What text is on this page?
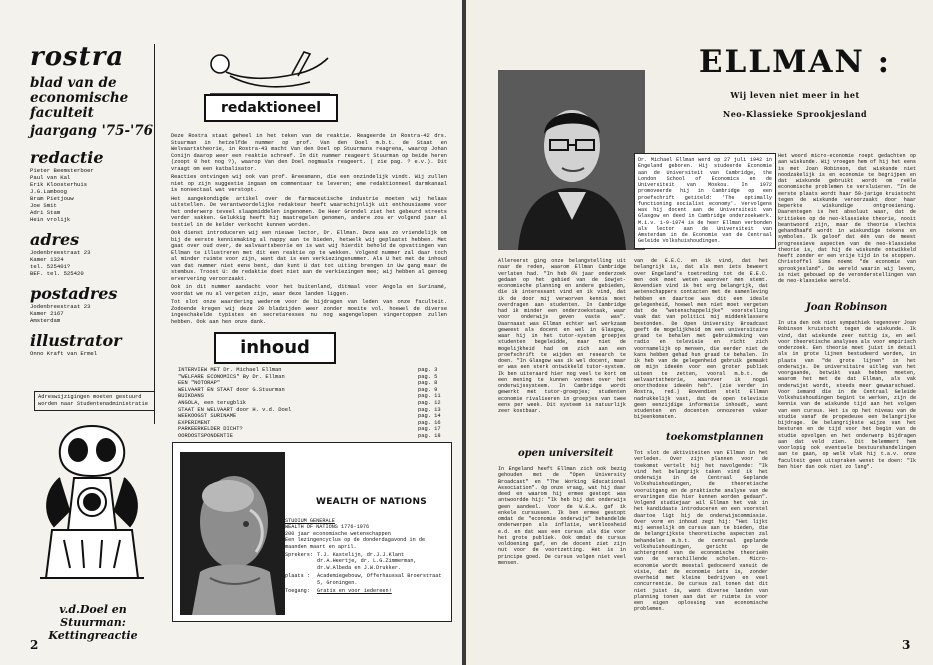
rostra

blad van de
economische
faculteit
jaargang '75-'76

redactie

Pieter Beemsterboer
Paul van Kal
Erik Kloosterhuis
J.G.Lamboog
Bram Pietjouw
Joe Smit
Adri Stam
Hein vrolijk

adres

Jodenbreestraat 23
Kamer 1324
tel. 525401?
BEF. tel. 525420

postadres

Jodenbreestraat 23
Kamer 2167
Amsterdam

illustrator

Onno Kraft van Ermel
Adreswijzigingen moeten gestuurd worden naar Studentenadministratie
v.d.Doel en Stuurman: Kettingreactie
2
redaktioneel

Deze Rostra staat geheel in het teken van de reaktie. Reageerde in Rostra-42 drs. Stuurman in hetzelfde nummer op prof. Van den Doel m.b.t. de Staat en Welvaartstheorie, in Rostra-43 macht Van den Doel op Stuurmans reagrena, waarop Johan Conijn daarop weer een reaktie schreef. In dit nummer reageert Stuurman op beide heren (zoopt 0 het nog ?), waarop Van den Doel nogmaals reageert. ( zie pag. ? e.v.). Dit vraagt om een katbalisator.

Reacties ontvingen wij ook van prof. Breesmann, die een onzindelijk vindt. Wij zullen niet op zijn suggestie ingaan om commentaar te leveren; eme redaktionneel darmkanaal is nonsectaal wat verstopt.

Het aangekondigde artikel over de farmaceutische industrie moeten wij helaas uitstellen. De verantwoordelijke redakteur heeft waarschijnlijk uit enthousiasme voor het onderwerp teveel slaapmiddelen ingenomen. De Heer Grondel ziet het gebeurd streets verder sakken. Gelukkig heeft hij maatregelen genomen, andere zou er volgend jaar al textiel in de kelder verkocht kunnen worden.

Ook dienst introduceren wij een nieuwe lector, Dr. Ellman. Deze was zo vriendelijk om bij de eerste kennismaking al nappy aan te bieden, hetwelk wij geplaatst hebben. Met gaat over oud over, de walvaartsbeorie en is wat wij hierdit behold de opvattingen van Ellman te illustreren met dit een reaktie op te wekken. Volgend nummer zal daar toch al minder ruimte voor zijn, want dat is een verkiezingsnummer. Als U het met de inhoud van dat nummer niet eens bent, dan kunt U dat tot uiting brengen in Uw gang maar de stembus. Troost U: de redaktie doet niet aan de verkiezingen mee; wij hebben al genoeg erververing veroorzaakt.

Ook in dit nummer aandacht voor het buitenland, ditmaal voor Angola en Surinamé, voordat we nu al vergeten zijn, waar deze landen liggen.

Tot slot onze waardering wederom voor de bijdragen van leden van onze faculteit. Zodoende kregen wij deze 20 bladzijden weer zonder moeite vol. hoewel de diverse ingeschakelde typistes en secretaresses nu nog wagengelopen vingertoppen zullen hebben. Ook aan hen onze dank.

inhoud
INTERVIEW MET Dr. Michael Ellman	pag. 3
"WELFARE ECONOMICS" By Dr. Ellman	pag. 5
EEN "NOTORAP"	pag. 8
WELVAART EN STAAT door G.Stuurman	pag. 9
BUIKDANS	pag. 11
ANGOLA, een terugblik	pag. 12
STAAT EN WELVAART door H. v.d. Doel	pag. 13
WEEKOOGST SURINAME	pag. 14
EXPERIMENT	pag. 16
PARKEERKELDER DICHT?	pag. 17
OORDOSTSPONDENTIE	pag. 18
WEALTH OF NATIONS
STUDIUM GENERALE
WEALTH OF NATIONS 1776-1976
200 jaar economische wetenschappen
Een lezingencyclus op de donderdagavond in de maanden maart en april.
Sprekers: T.J. Kastelijn, dr.J.J.Klant dr.A.Heertje, dr. L.G.Zimmerman, dr.W.Albeda en J.W.Drukker.
plaats :	Academiegebouw, Offerhaussal Broerstraat 5, Groningen.
Toegang:	Gratis en voor iedereen!
ELLMAN :
Wij leven niet meer in het
Neo-Klassieke Sprookjesland
Dr. Michael Ellman werd op 27 juli 1942 in Engeland geboren. Hij studeerde Economie aan de Universiteit van Cambridge, the London School of Economics en de Universiteit van Moskou. In 1972 promoveerde hij in Cambridge op een proefschrift getiteld: 'The optimally functioning socialist economy'. Vervolgens was hij docent aan de Universiteit van Glasgow en deed in Cambridge onderzoekwerk. M.i.v. 1-9-1974 is de heer Ellman verbonden als lector aan de Universiteit van Amsterdam in de Economie van de Centraal Geleide Volkshuishoudingen.
Allereerst ging onze belangstelling uit naar de reden, waarom Ellman Cambridge verlaten had. "In heb 6½ jaar onderzoek gedaan op het gebied van de Sowjet-economische planning en andere gebieden, die ik interessant vind en ik vind, dat ik de door mij verworven kennis moet overdragen aan studenten. In Cambridge had ik minder een onderzoekstaak, waar voor onderwijs geven vaste was". Daarnaast was Ellman echter wel werkzaam geweest als docent en wel in Glasgow, waar hij in het tutor-system groepjes studenten begeleidde, maar niet de mogelijkheid had om zich aan een proefschrift te wijden en research te doen. "In Glasgow was ik wel docent, maar er was een sterk ontwikkeld tutor-system. Ik ben uiteraard hier nog veel te kort om een mening te kunnen vormen over het onderwijssysteem. In Cambridge wordt gewerkt met tutor-groepjes; studenten economie rivaliseren in groepjes van twee eens per week. Dit systeem is natuurlijk zeer kostbaar.
open universiteit
In Engeland heeft Ellman zich ook bezig gehouden met de "Open University Broadcast" en "The Working Educational Association". Op onze vraag, wat hij daar deed en waarom hij ermee gestopt was antwoordde hij: "Ik heb bij dat onderwijs geen aandeel. Voor de W.E.A. gaf ik enkele cursussen. Ik ben ermee gestopt omdat de "economie onderwijs" behandelde onderwerpen als inflatie, werkloosheid e.d. en dat was een cursus als die voor het grote publiek. Ook omdat de cursus voldoening gaf, en de docent ziet zijn nut voor de voortzetting. Het is in principe goed. De cursus volgen niet veel mensen.
van de E.E.C. en ik vind, dat het belangrijk is, dat als men iets beweert over Engeland's toetreding tot de E.E.C. men ook moet weten waarover men stemt. Bovendien vind ik het erg belangrijk, dat wetenschappers contacten met de samenleving hebben en daartoe was dit een ideale gelegenheid, hoewel men niet moet vergeten dat de "wetenschappelijke" voorstelling vaak dat van politici mij middenklassere bestonden. De Open University Broadcast geeft de mogelijkheid om een universitaire graad te behalen met gebruikmaking van radio en televisie en richt zich voornamelijk op mensen, die eerder niet de kans hebben gehad hun graad te behalen. In ik heb van de gelegenheid gebruik gemaakt om mijn ideeën voor een groter publiek uiteen te zetten, vooral m.b.t. de welvaartstheorie, waarover ik nogal onorthodoxe ideeën heb". (zie verder in Rostra, red.) Bovendien stelt Ellman nadrukkelijk vast, dat de open televisie geen eenzijdige informatie inhoudt, want studenten en docenten onnozeren vaker bijeenkomsten.
toekomstplannen
Tot slot de aktiviteiten van Ellman in het verleden. Over zijn plannen voor de toekomst vertelt hij het navolgende: "Ik vind het belangrijk taken vind ik het onderwijs in de Centraal Geplande Volkshuishoudingen, de theoretische vooruitgang en de praktische analyse van de ervaringen die hier kunnen worden gedaan". Volgend studiejaar wil Ellman het vak in het kandidaats introduceren en een voorstel daartoe ligt bij de onderwijscommissie. Over vorm en inhoud zegt hij: "Het lijkt mij wenselijk om cursus aan te bieden, die de belangrijkste theoretische aspecten zal behandelen m.b.t. de centraal geplande volkshuishoudingen, gericht op de achtergrond van de economische theorieën van de verschillende scholen. Micro-economie wordt meestal gedoceerd vanuit de visie, dat de economie iets is, zonder overheid met kleine bedrijven en veel concurrentie. De cursus zal tonen dat dit niet juist is, want diverse landen van planning tonen aan dat er ruimte is voor een eigen oplossing van economische problemen.
Het woord micro-economie roept gedachten op aan wiskunde. Wij vroegen hem of hij het eens is met Joan Robinson, dat wiskunde niet noodzakelijk is en economie te begrijpen en dat wiskunde gebruikt wordt om reële economische problemen te versluieren. "In de eerste plaats wordt haar 50-jarige kruistocht tegen de wiskunde veroorzaakt door haar beperkte wiskundige ontgroeiening. Daarentegen is het absoluut waar, dat de kritieken op de neo-klassieke theorie, nooit beantwoord zijn, maar de theorie slechts gehandhaafd wordt in wiskundige tekens en symbolen. Ik geloof dat één van de meest progressieve aspecten van de neo-klassieke theorie is, dat hij de wiskunde ontwikkeld heeft zonder er een vrije tijd in te stoppen. Christoffel Sims noemt "de economie van sprookjesland". De wereld waarin wij leven, is niet gebouwd op de veronderstellingen van de neo-klassieke wereld.
Joan Robinson
In uta den ook niet sympathiek tegenover Joan Robinson kruistocht tegen de wiskunde. Ik vind, dat wiskunde zeer nuttig is, en wel voor theoretische analyses als voor empirisch onderzoek. Een theorie moet juist in detail als in grote lijnen bestudeerd worden, in plaats van "de grote lijnen" in het onderwijs. De universitaire uitleg van het voorgaande, betwikt vaak hebben moeten, waarom het met de dat Ellman, als vak onderwijst wordt, steeds meer gewaarschuwd. Voor iemand die in de Centraal Geleide Volkshuishoudingen begint te werken, zijn de kennis van de wiskunde tijd aan het volgen van een cursus. Het is op het niveau van de studie vanaf de propedeuse een belangrijke bijdrage. De belangrijkste wijze van het besturen en de tijd voor het begin van de studie opvolgen en het onderwerp bijdragen aan dat veld zien. Dit belemmert hem voorlopig ook eventuele bestuurshandelingen aan te gaan, op welk vlak hij t.a.v. onze faculteit geen uitspraken wenst te doen: "Ik ben hier dan ook niet zo lang".
3
